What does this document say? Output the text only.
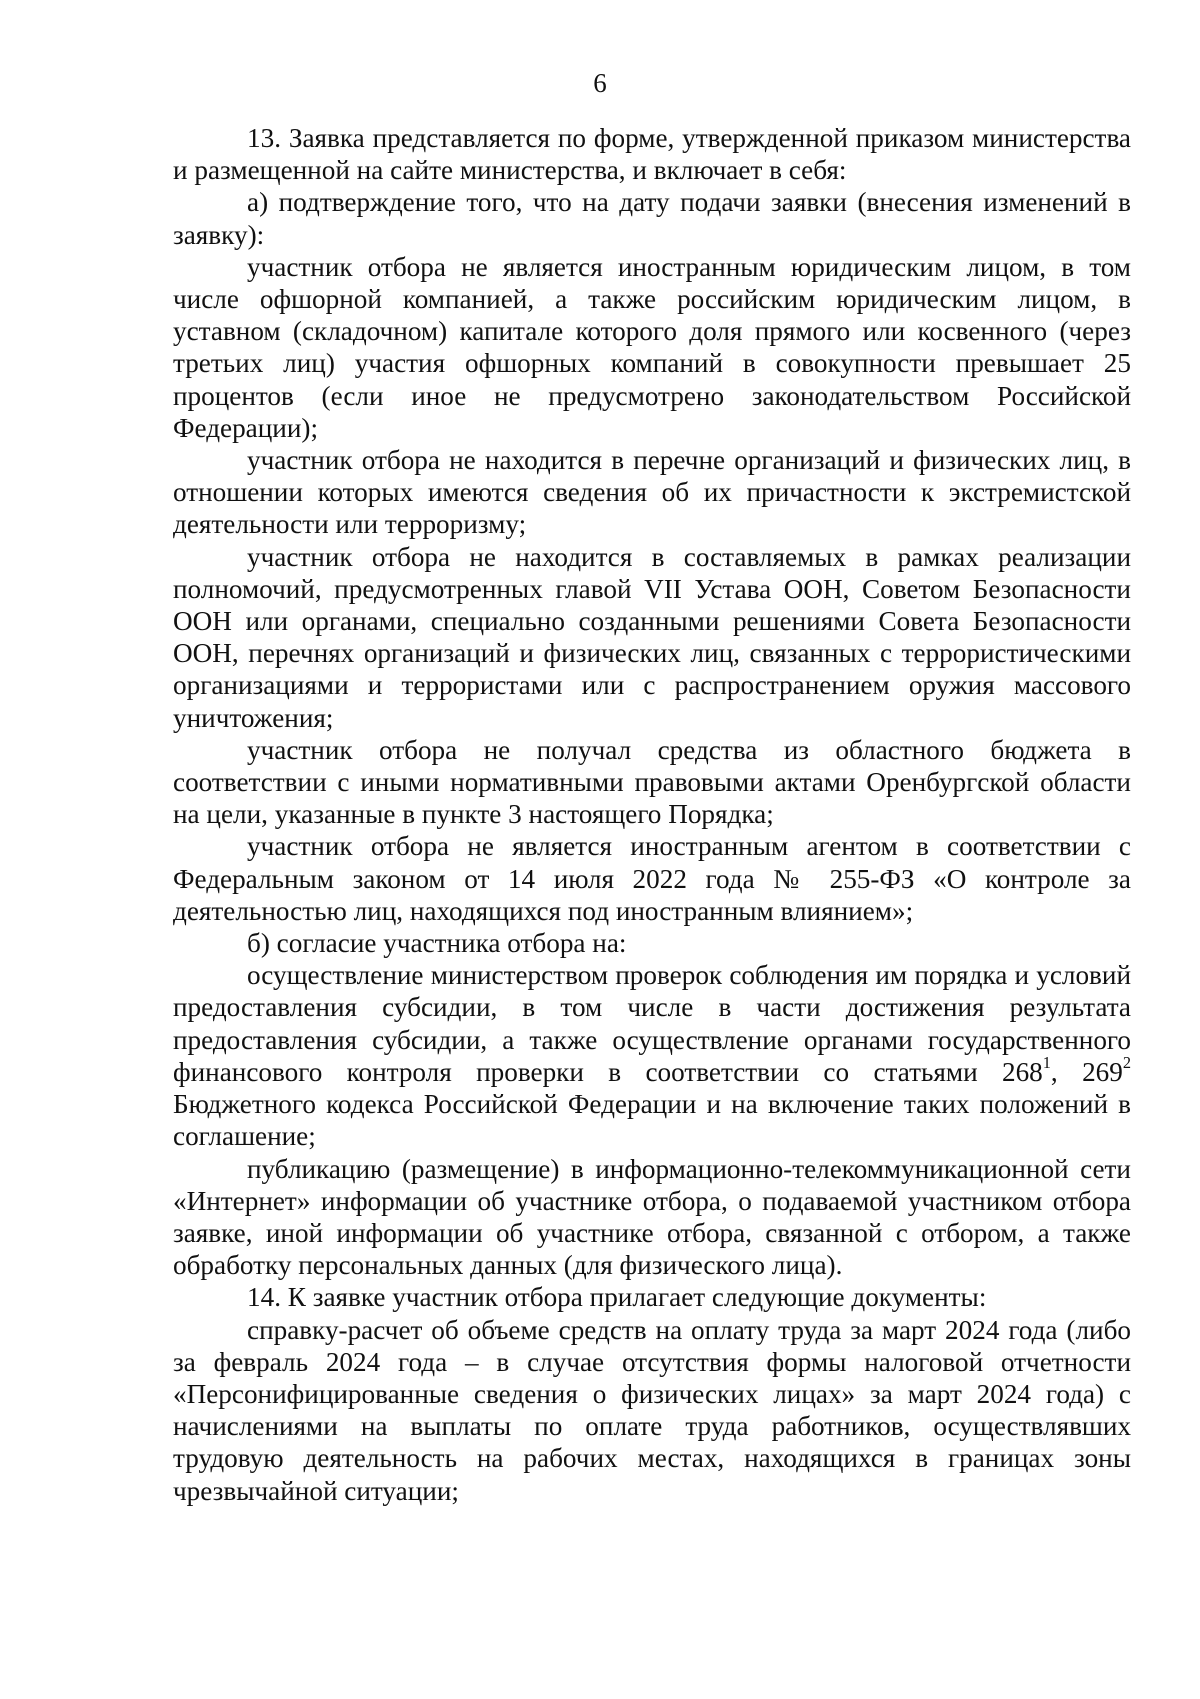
6

13. Заявка представляется по форме, утвержденной приказом министерства и размещенной на сайте министерства, и включает в себя:

а) подтверждение того, что на дату подачи заявки (внесения изменений в заявку):

участник отбора не является иностранным юридическим лицом, в том числе офшорной компанией, а также российским юридическим лицом, в уставном (складочном) капитале которого доля прямого или косвенного (через третьих лиц) участия офшорных компаний в совокупности превышает 25 процентов (если иное не предусмотрено законодательством Российской Федерации);

участник отбора не находится в перечне организаций и физических лиц, в отношении которых имеются сведения об их причастности к экстремистской деятельности или терроризму;

участник отбора не находится в составляемых в рамках реализации полномочий, предусмотренных главой VII Устава ООН, Советом Безопасности ООН или органами, специально созданными решениями Совета Безопасности ООН, перечнях организаций и физических лиц, связанных с террористическими организациями и террористами или с распространением оружия массового уничтожения;

участник отбора не получал средства из областного бюджета в соответствии с иными нормативными правовыми актами Оренбургской области на цели, указанные в пункте 3 настоящего Порядка;

участник отбора не является иностранным агентом в соответствии с Федеральным законом от 14 июля 2022 года № 255-ФЗ «О контроле за деятельностью лиц, находящихся под иностранным влиянием»;

б) согласие участника отбора на:

осуществление министерством проверок соблюдения им порядка и условий предоставления субсидии, в том числе в части достижения результата предоставления субсидии, а также осуществление органами государственного финансового контроля проверки в соответствии со статьями $268^1$, $269^2$ Бюджетного кодекса Российской Федерации и на включение таких положений в соглашение;

публикацию (размещение) в информационно-телекоммуникационной сети «Интернет» информации об участнике отбора, о подаваемой участником отбора заявке, иной информации об участнике отбора, связанной с отбором, а также обработку персональных данных (для физического лица).

14. К заявке участник отбора прилагает следующие документы:

справку-расчет об объеме средств на оплату труда за март 2024 года (либо за февраль 2024 года – в случае отсутствия формы налоговой отчетности «Персонифицированные сведения о физических лицах» за март 2024 года) с начислениями на выплаты по оплате труда работников, осуществлявших трудовую деятельность на рабочих местах, находящихся в границах зоны чрезвычайной ситуации;
